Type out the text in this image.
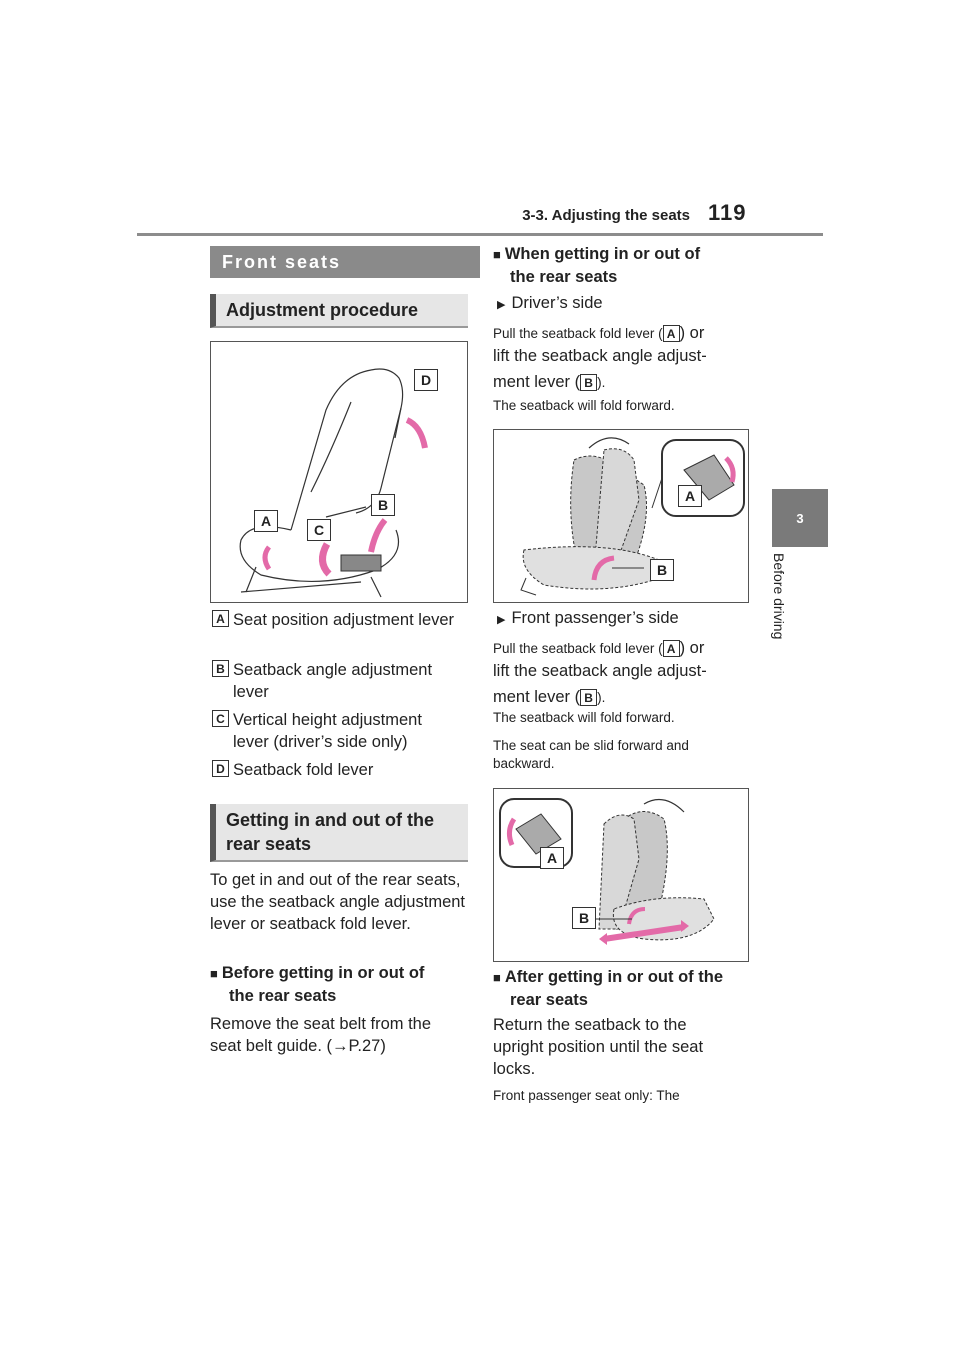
3-3. Adjusting the seats 119
3
Before driving
Front seats
Adjustment procedure
D
B
A
C
A Seat position adjustment lever
B Seatback angle adjustment lever
C Vertical height adjustment lever (driver’s side only)
D Seatback fold lever
Getting in and out of the
rear seats
To get in and out of the rear seats, use the seatback angle adjustment lever or seatback fold lever.
■ Before getting in or out of
the rear seats
Remove the seat belt from the
seat belt guide. (→P.27)
■ When getting in or out of
the rear seats
▶ Driver’s side
Pull the seatback fold lever ( A ) or
lift the seatback angle adjust-
ment lever ( B ).
The seatback will fold forward.
A
B
▶ Front passenger’s side
Pull the seatback fold lever ( A ) or
lift the seatback angle adjust-
ment lever ( B ).
The seatback will fold forward.
The seat can be slid forward and
backward.
A
B
■ After getting in or out of the
rear seats
Return the seatback to the
upright position until the seat
locks.
Front passenger seat only: The
